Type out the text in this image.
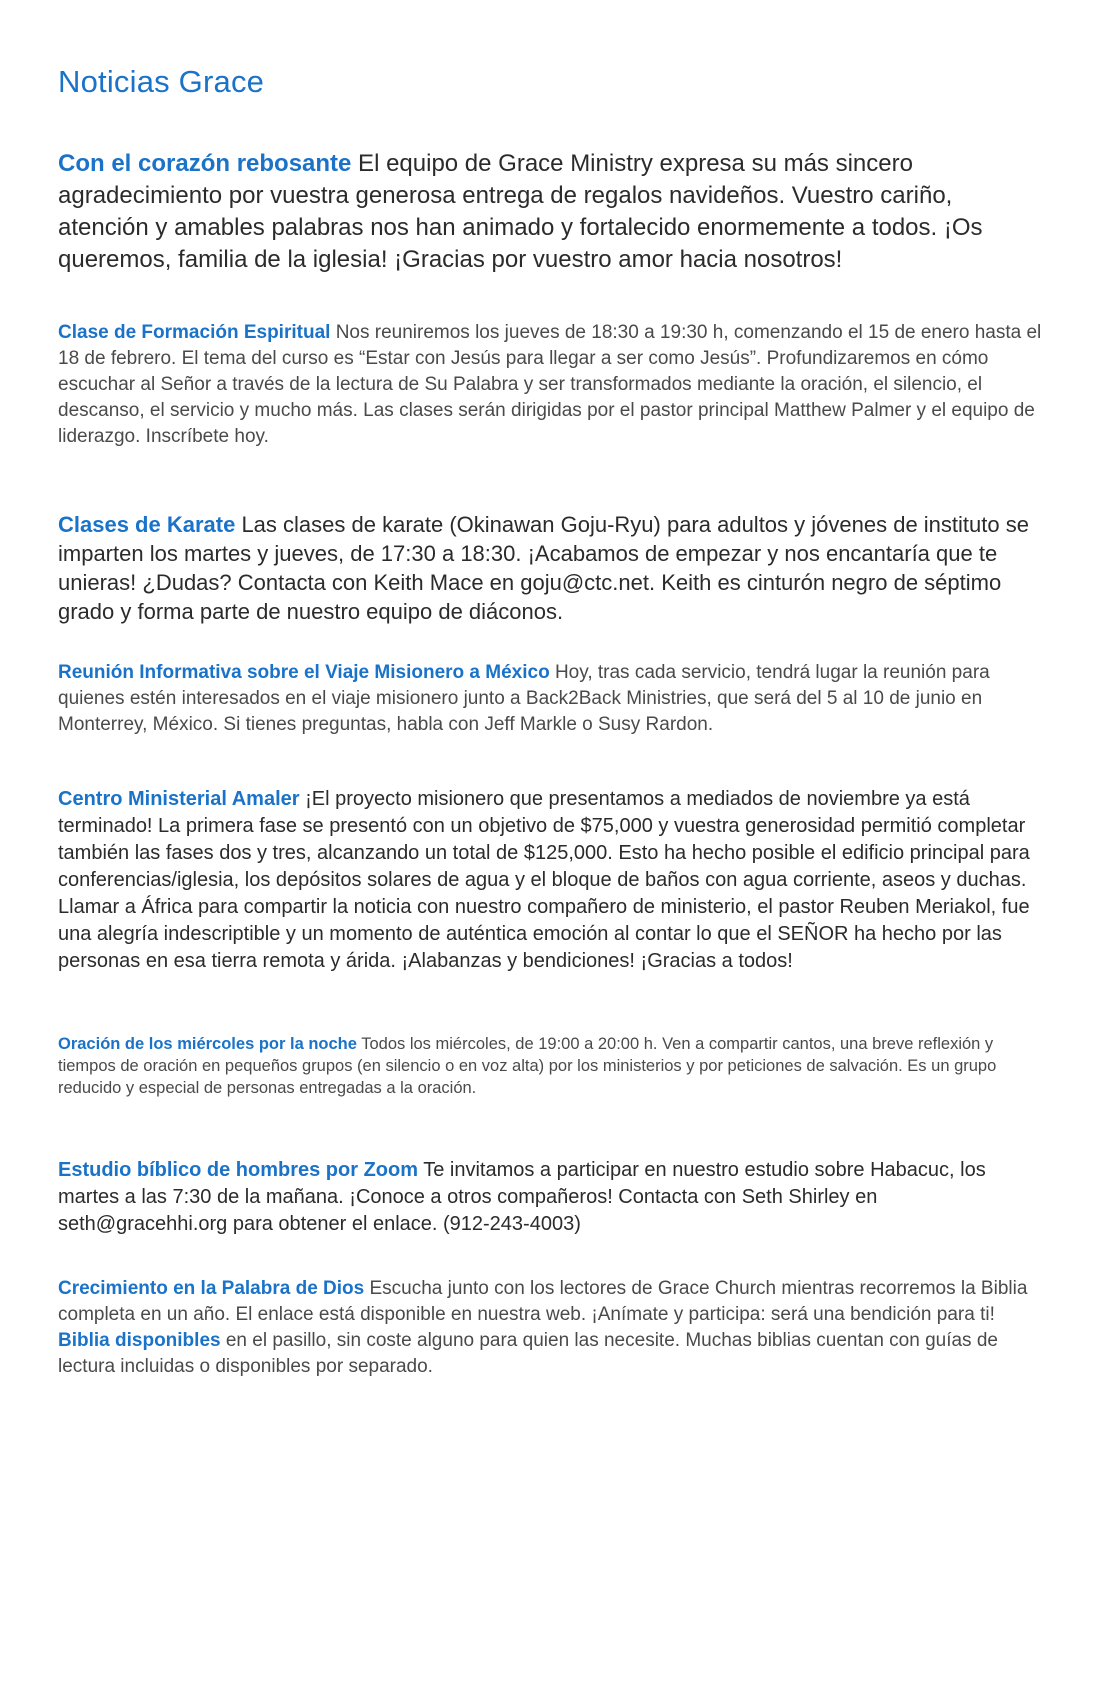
Noticias Grace

Con el corazón rebosante El equipo de Grace Ministry expresa su más sincero agradecimiento por vuestra generosa entrega de regalos navideños. Vuestro cariño, atención y amables palabras nos han animado y fortalecido enormemente a todos. ¡Os queremos, familia de la iglesia! ¡Gracias por vuestro amor hacia nosotros!

Clase de Formación Espiritual Nos reuniremos los jueves de 18:30 a 19:30 h, comenzando el 15 de enero hasta el 18 de febrero. El tema del curso es “Estar con Jesús para llegar a ser como Jesús”. Profundizaremos en cómo escuchar al Señor a través de la lectura de Su Palabra y ser transformados mediante la oración, el silencio, el descanso, el servicio y mucho más. Las clases serán dirigidas por el pastor principal Matthew Palmer y el equipo de liderazgo. Inscríbete hoy.

Clases de Karate Las clases de karate (Okinawan Goju-Ryu) para adultos y jóvenes de instituto se imparten los martes y jueves, de 17:30 a 18:30. ¡Acabamos de empezar y nos encantaría que te unieras! ¿Dudas? Contacta con Keith Mace en goju@ctc.net. Keith es cinturón negro de séptimo grado y forma parte de nuestro equipo de diáconos.

Reunión Informativa sobre el Viaje Misionero a México Hoy, tras cada servicio, tendrá lugar la reunión para quienes estén interesados en el viaje misionero junto a Back2Back Ministries, que será del 5 al 10 de junio en Monterrey, México. Si tienes preguntas, habla con Jeff Markle o Susy Rardon.

Centro Ministerial Amaler ¡El proyecto misionero que presentamos a mediados de noviembre ya está terminado! La primera fase se presentó con un objetivo de $75,000 y vuestra generosidad permitió completar también las fases dos y tres, alcanzando un total de $125,000. Esto ha hecho posible el edificio principal para conferencias/iglesia, los depósitos solares de agua y el bloque de baños con agua corriente, aseos y duchas. Llamar a África para compartir la noticia con nuestro compañero de ministerio, el pastor Reuben Meriakol, fue una alegría indescriptible y un momento de auténtica emoción al contar lo que el SEÑOR ha hecho por las personas en esa tierra remota y árida. ¡Alabanzas y bendiciones! ¡Gracias a todos!

Oración de los miércoles por la noche Todos los miércoles, de 19:00 a 20:00 h. Ven a compartir cantos, una breve reflexión y tiempos de oración en pequeños grupos (en silencio o en voz alta) por los ministerios y por peticiones de salvación. Es un grupo reducido y especial de personas entregadas a la oración.

Estudio bíblico de hombres por Zoom Te invitamos a participar en nuestro estudio sobre Habacuc, los martes a las 7:30 de la mañana. ¡Conoce a otros compañeros! Contacta con Seth Shirley en seth@gracehhi.org para obtener el enlace. (912-243-4003)

Crecimiento en la Palabra de Dios Escucha junto con los lectores de Grace Church mientras recorremos la Biblia completa en un año. El enlace está disponible en nuestra web. ¡Anímate y participa: será una bendición para ti! Biblia disponibles en el pasillo, sin coste alguno para quien las necesite. Muchas biblias cuentan con guías de lectura incluidas o disponibles por separado.
